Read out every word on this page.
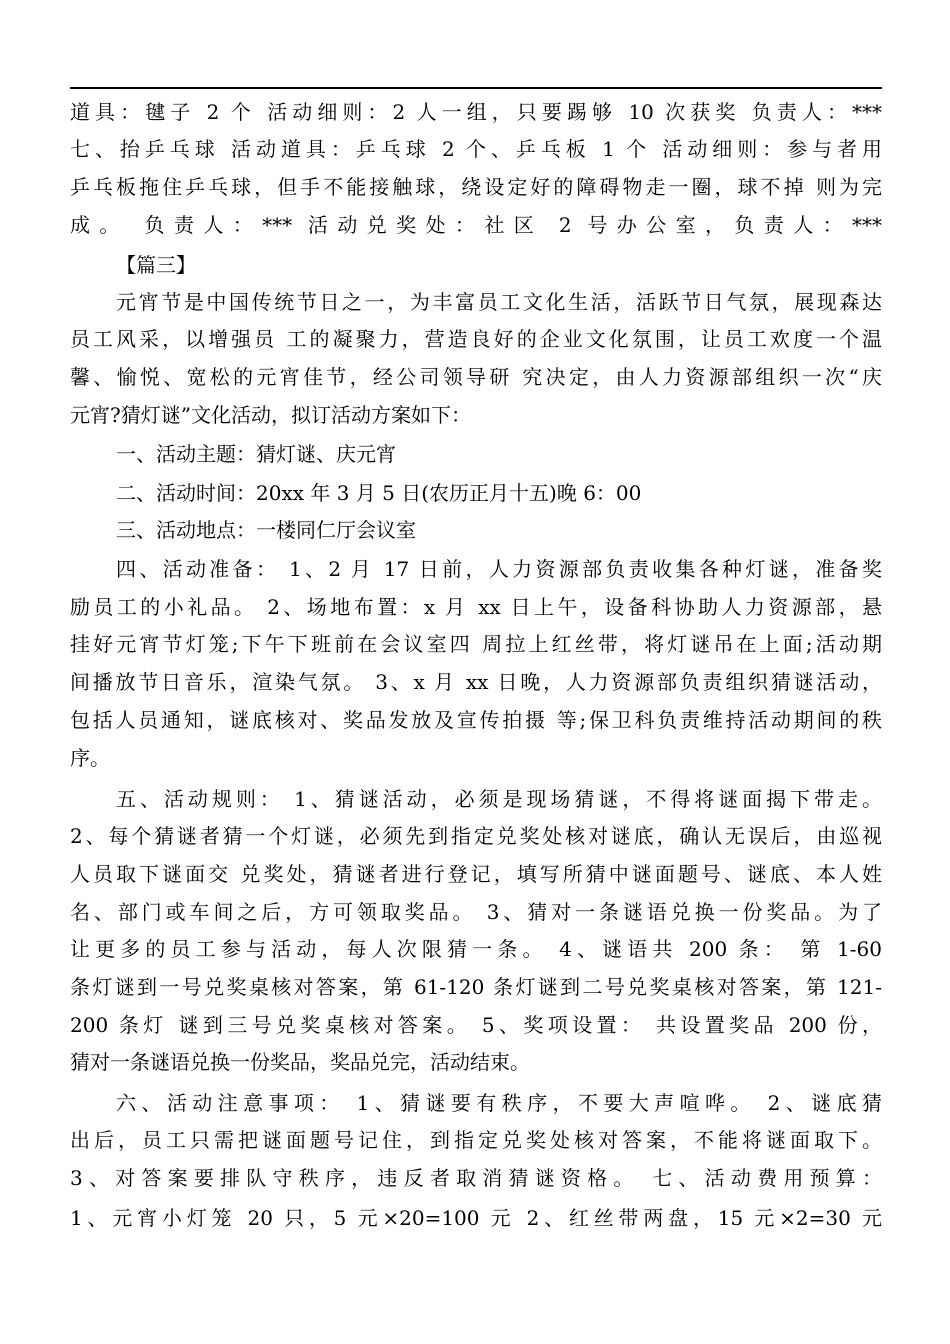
道具：毽子 2 个 活动细则：2 人一组，只要踢够 10 次获奖 负责人：***
七、抬乒乓球 活动道具：乒乓球 2 个、乒乓板 1 个 活动细则：参与者用
乒乓板拖住乒乓球，但手不能接触球，绕设定好的障碍物走一圈，球不掉 则为完
成。 负责人：*** 活动兑奖处：社区 2 号办公室，负责人：***
【篇三】
元宵节是中国传统节日之一，为丰富员工文化生活，活跃节日气氛，展现森达
员工风采，以增强员 工的凝聚力，营造良好的企业文化氛围，让员工欢度一个温
馨、愉悦、宽松的元宵佳节，经公司领导研 究决定，由人力资源部组织一次“庆
元宵?猜灯谜”文化活动，拟订活动方案如下：
一、活动主题：猜灯谜、庆元宵
二、活动时间：20xx 年 3 月 5 日(农历正月十五)晚 6：00
三、活动地点：一楼同仁厅会议室
四、活动准备： 1、2 月 17 日前，人力资源部负责收集各种灯谜，准备奖
励员工的小礼品。 2、场地布置：x 月 xx 日上午，设备科协助人力资源部，悬
挂好元宵节灯笼;下午下班前在会议室四 周拉上红丝带，将灯谜吊在上面;活动期
间播放节日音乐，渲染气氛。 3、x 月 xx 日晚，人力资源部负责组织猜谜活动，
包括人员通知，谜底核对、奖品发放及宣传拍摄 等;保卫科负责维持活动期间的秩
序。
五、活动规则： 1、猜谜活动，必须是现场猜谜，不得将谜面揭下带走。
2、每个猜谜者猜一个灯谜，必须先到指定兑奖处核对谜底，确认无误后，由巡视
人员取下谜面交 兑奖处，猜谜者进行登记，填写所猜中谜面题号、谜底、本人姓
名、部门或车间之后，方可领取奖品。 3、猜对一条谜语兑换一份奖品。为了
让更多的员工参与活动，每人次限猜一条。 4、谜语共 200 条： 第 1-60
条灯谜到一号兑奖桌核对答案，第 61-120 条灯谜到二号兑奖桌核对答案，第 121-
200 条灯 谜到三号兑奖桌核对答案。 5、奖项设置： 共设置奖品 200 份，
猜对一条谜语兑换一份奖品，奖品兑完，活动结束。
六、活动注意事项： 1、猜谜要有秩序，不要大声喧哗。 2、谜底猜
出后，员工只需把谜面题号记住，到指定兑奖处核对答案，不能将谜面取下。
3、对答案要排队守秩序，违反者取消猜谜资格。 七、活动费用预算：
1、元宵小灯笼 20 只，5 元×20=100 元 2、红丝带两盘，15 元×2=30 元
